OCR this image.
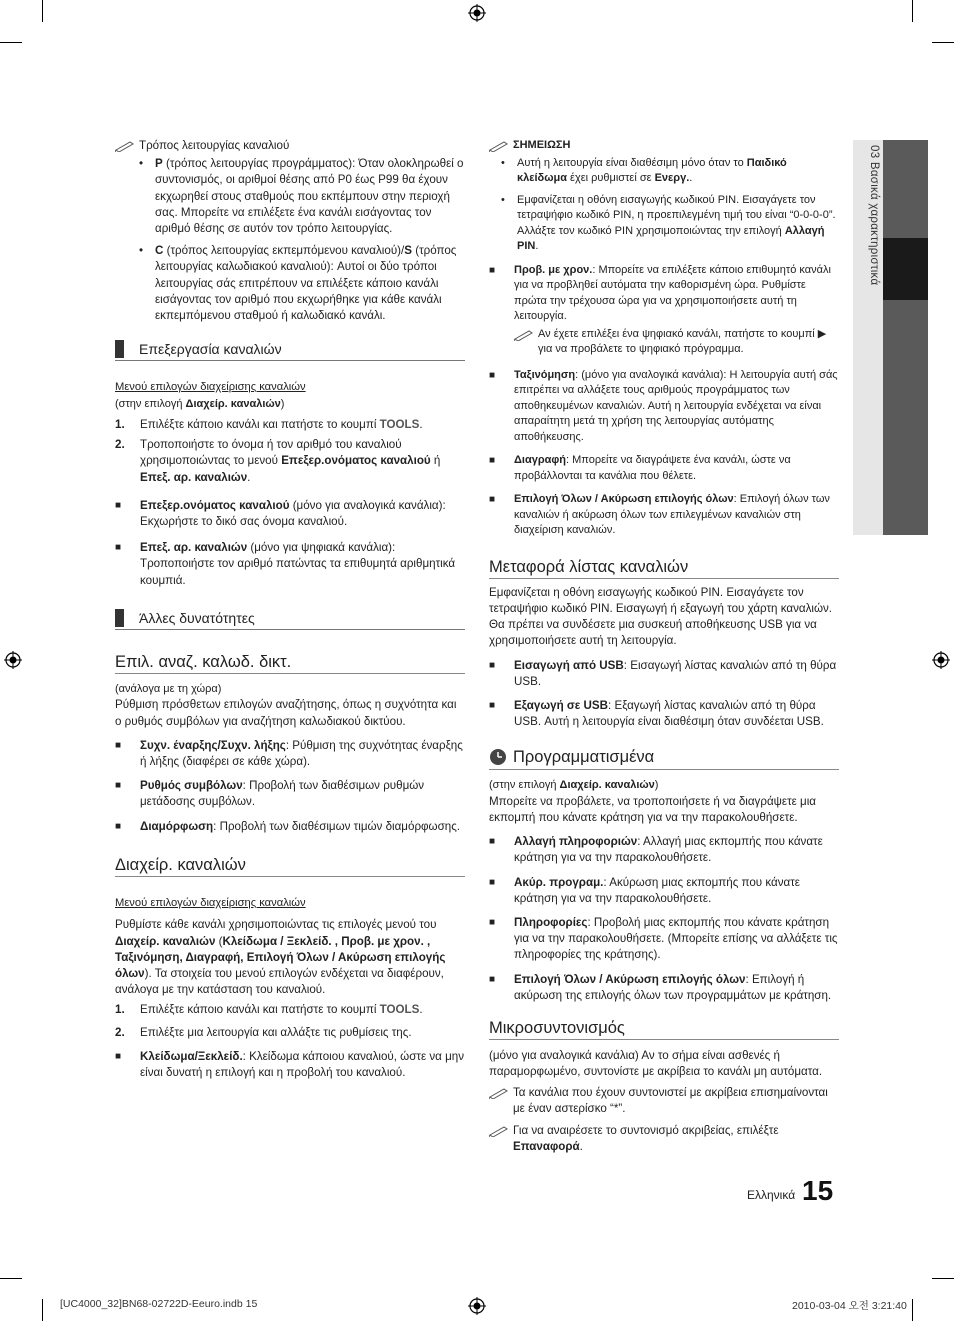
03 Βασικά χαρακτηριστικά
Τρόπος λειτουργίας καναλιού
• P (τρόπος λειτουργίας προγράμματος): Όταν ολοκληρωθεί ο συντονισμός, οι αριθμοί θέσης από P0 έως P99 θα έχουν εκχωρηθεί στους σταθμούς που εκπέμπουν στην περιοχή σας. Μπορείτε να επιλέξετε ένα κανάλι εισάγοντας τον αριθμό θέσης σε αυτόν τον τρόπο λειτουργίας.
• C (τρόπος λειτουργίας εκπεμπόμενου καναλιού)/S (τρόπος λειτουργίας καλωδιακού καναλιού): Αυτοί οι δύο τρόποι λειτουργίας σάς επιτρέπουν να επιλέξετε κάποιο κανάλι εισάγοντας τον αριθμό που εκχωρήθηκε για κάθε κανάλι εκπεμπόμενου σταθμού ή καλωδιακό κανάλι.
Επεξεργασία καναλιών
Μενού επιλογών διαχείρισης καναλιών

(στην επιλογή Διαχείρ. καναλιών)

1.	Επιλέξτε κάποιο κανάλι και πατήστε το κουμπί TOOLS.
2.	Τροποποιήστε το όνομα ή τον αριθμό του καναλιού χρησιμοποιώντας το μενού Επεξερ.ονόματος καναλιού ή Επεξ. αρ. καναλιών.
■	Επεξερ.ονόματος καναλιού (μόνο για αναλογικά κανάλια): Εκχωρήστε το δικό σας όνομα καναλιού.
■	Επεξ. αρ. καναλιών (μόνο για ψηφιακά κανάλια): Τροποποιήστε τον αριθμό πατώντας τα επιθυμητά αριθμητικά κουμπιά.
Άλλες δυνατότητες
Επιλ. αναζ. καλωδ. δικτ.

(ανάλογα με τη χώρα)

Ρύθμιση πρόσθετων επιλογών αναζήτησης, όπως η συχνότητα και ο ρυθμός συμβόλων για αναζήτηση καλωδιακού δικτύου.

■	Συχν. έναρξης/Συχν. λήξης: Ρύθμιση της συχνότητας έναρξης ή λήξης (διαφέρει σε κάθε χώρα).
■	Ρυθμός συμβόλων: Προβολή των διαθέσιμων ρυθμών μετάδοσης συμβόλων.
■	Διαμόρφωση: Προβολή των διαθέσιμων τιμών διαμόρφωσης.
Διαχείρ. καναλιών
Μενού επιλογών διαχείρισης καναλιών

Ρυθμίστε κάθε κανάλι χρησιμοποιώντας τις επιλογές μενού του Διαχείρ. καναλιών (Κλείδωμα / Ξεκλείδ. , Προβ. με χρον. , Ταξινόμηση, Διαγραφή, Επιλογή Όλων / Ακύρωση επιλογής όλων). Τα στοιχεία του μενού επιλογών ενδέχεται να διαφέρουν, ανάλογα με την κατάσταση του καναλιού.

1.	Επιλέξτε κάποιο κανάλι και πατήστε το κουμπί TOOLS.
2.	Επιλέξτε μια λειτουργία και αλλάξτε τις ρυθμίσεις της.
■	Κλείδωμα/Ξεκλείδ.: Κλείδωμα κάποιου καναλιού, ώστε να μην είναι δυνατή η επιλογή και η προβολή του καναλιού.
ΣΗΜΕΙΩΣΗ
• Αυτή η λειτουργία είναι διαθέσιμη μόνο όταν το Παιδικό κλείδωμα έχει ρυθμιστεί σε Ενεργ..
• Εμφανίζεται η οθόνη εισαγωγής κωδικού PIN. Εισαγάγετε τον τετραψήφιο κωδικό PIN, η προεπιλεγμένη τιμή του είναι “0-0-0-0”. Αλλάξτε τον κωδικό PIN χρησιμοποιώντας την επιλογή Αλλαγή PIN.
■	Προβ. με χρον.: Μπορείτε να επιλέξετε κάποιο επιθυμητό κανάλι για να προβληθεί αυτόματα την καθορισμένη ώρα. Ρυθμίστε πρώτα την τρέχουσα ώρα για να χρησιμοποιήσετε αυτή τη λειτουργία.
Αν έχετε επιλέξει ένα ψηφιακό κανάλι, πατήστε το κουμπί ▶ για να προβάλετε το ψηφιακό πρόγραμμα.
■	Ταξινόμηση: (μόνο για αναλογικά κανάλια): Η λειτουργία αυτή σάς επιτρέπει να αλλάξετε τους αριθμούς προγράμματος των αποθηκευμένων καναλιών. Αυτή η λειτουργία ενδέχεται να είναι απαραίτητη μετά τη χρήση της λειτουργίας αυτόματης αποθήκευσης.
■	Διαγραφή: Μπορείτε να διαγράψετε ένα κανάλι, ώστε να προβάλλονται τα κανάλια που θέλετε.
■	Επιλογή Όλων / Ακύρωση επιλογής όλων: Επιλογή όλων των καναλιών ή ακύρωση όλων των επιλεγμένων καναλιών στη διαχείριση καναλιών.
Μεταφορά λίστας καναλιών

Εμφανίζεται η οθόνη εισαγωγής κωδικού PIN. Εισαγάγετε τον τετραψήφιο κωδικό PIN. Εισαγωγή ή εξαγωγή του χάρτη καναλιών. Θα πρέπει να συνδέσετε μια συσκευή αποθήκευσης USB για να χρησιμοποιήσετε αυτή τη λειτουργία.

■	Εισαγωγή από USB: Εισαγωγή λίστας καναλιών από τη θύρα USB.
■	Εξαγωγή σε USB: Εξαγωγή λίστας καναλιών από τη θύρα USB. Αυτή η λειτουργία είναι διαθέσιμη όταν συνδέεται USB.
Προγραμματισμένα

(στην επιλογή Διαχείρ. καναλιών)

Μπορείτε να προβάλετε, να τροποποιήσετε ή να διαγράψετε μια εκπομπή που κάνατε κράτηση για να την παρακολουθήσετε.

■	Αλλαγή πληροφοριών: Αλλαγή μιας εκπομπής που κάνατε κράτηση για να την παρακολουθήσετε.
■	Ακύρ. προγραμ.: Ακύρωση μιας εκπομπής που κάνατε κράτηση για να την παρακολουθήσετε.
■	Πληροφορίες: Προβολή μιας εκπομπής που κάνατε κράτηση για να την παρακολουθήσετε. (Μπορείτε επίσης να αλλάξετε τις πληροφορίες της κράτησης).
■	Επιλογή Όλων / Ακύρωση επιλογής όλων: Επιλογή ή ακύρωση της επιλογής όλων των προγραμμάτων με κράτηση.
Μικροσυντονισμός

(μόνο για αναλογικά κανάλια) Αν το σήμα είναι ασθενές ή παραμορφωμένο, συντονίστε με ακρίβεια το κανάλι μη αυτόματα.

Τα κανάλια που έχουν συντονιστεί με ακρίβεια επισημαίνονται με έναν αστερίσκο “*”.
Για να αναιρέσετε το συντονισμό ακριβείας, επιλέξτε Επαναφορά.
Ελληνικά 15
[UC4000_32]BN68-02722D-Eeuro.indb 15	2010-03-04 오전 3:21:40
